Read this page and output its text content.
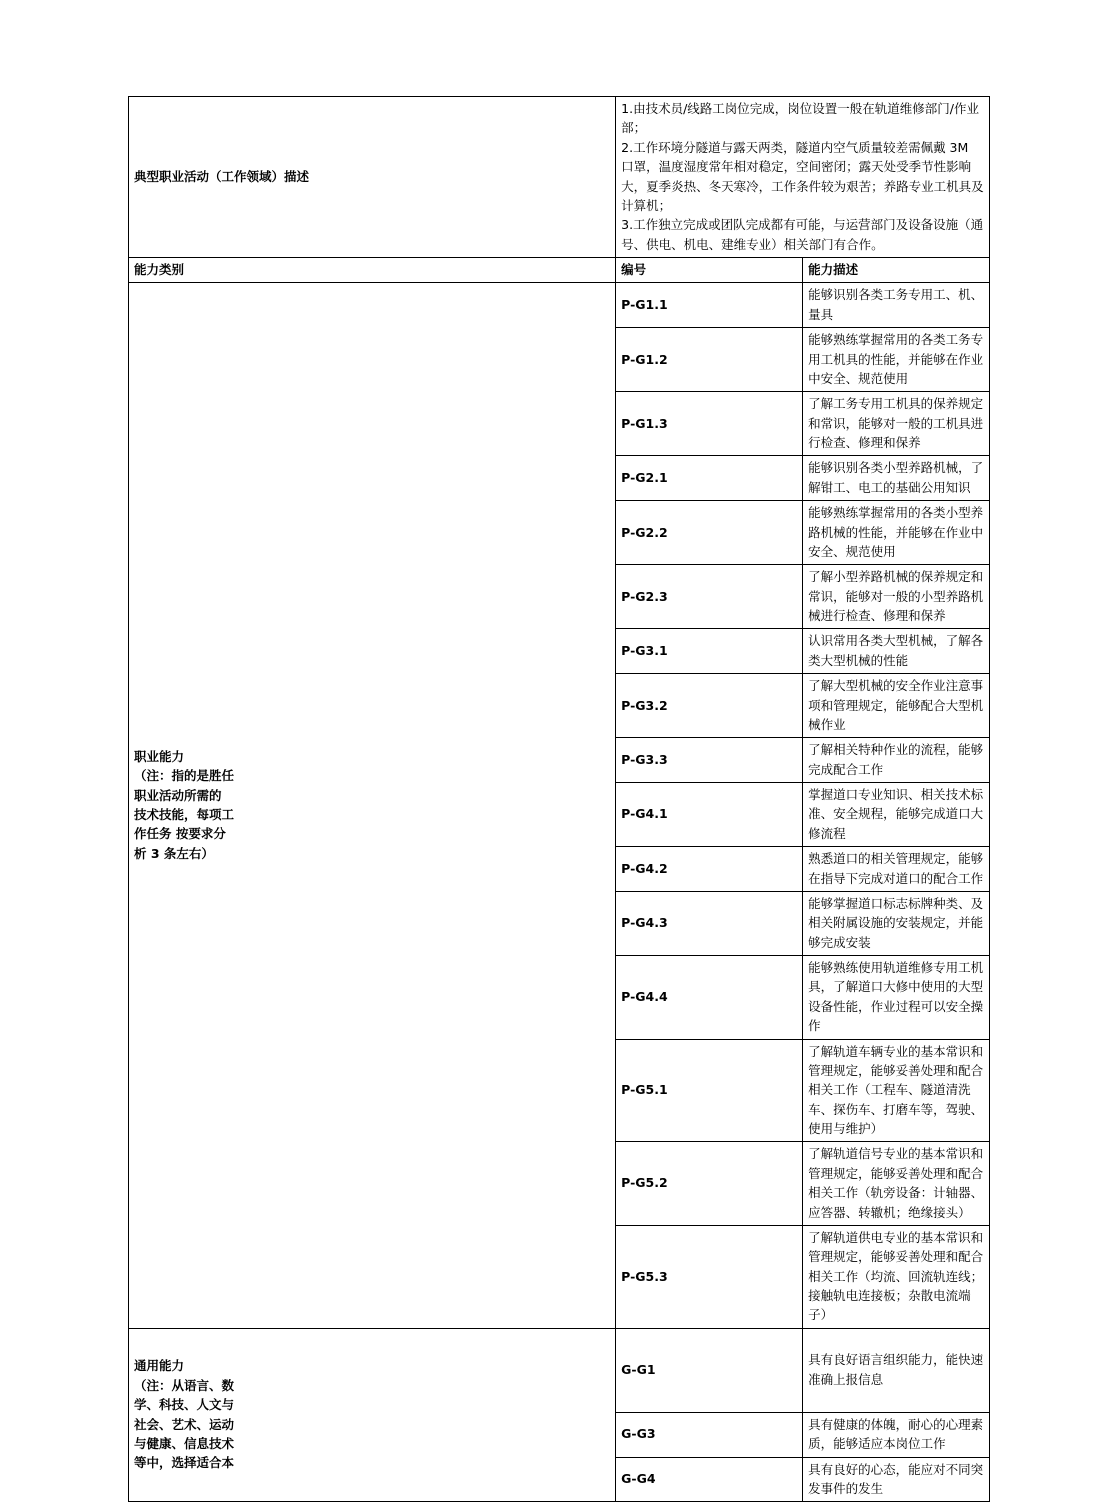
典型职业活动（工作领域）描述	1.由技术员/线路工岗位完成，岗位设置一般在轨道维修部门/作业部；

2.工作环境分隧道与露天两类，隧道内空气质量较差需佩戴 3M 口罩，温度湿度常年相对稳定，空间密闭；露天处受季节性影响大，夏季炎热、冬天寒冷，工作条件较为艰苦；养路专业工机具及计算机；

3.工作独立完成或团队完成都有可能，与运营部门及设备设施（通号、供电、机电、建维专业）相关部门有合作。	

能力类别	编号	能力描述

职业能力
（注：指的是胜任
职业活动所需的
技术技能，每项工
作任务 按要求分
析 3 条左右）
	P-G1.1	能够识别各类工务专用工、机、量具
	P-G1.2	能够熟练掌握常用的各类工务专用工机具的性能，并能够在作业中安全、规范使用
	P-G1.3	了解工务专用工机具的保养规定和常识，能够对一般的工机具进行检查、修理和保养
	P-G2.1	能够识别各类小型养路机械，了解钳工、电工的基础公用知识
	P-G2.2	能够熟练掌握常用的各类小型养路机械的性能，并能够在作业中安全、规范使用
	P-G2.3	了解小型养路机械的保养规定和常识，能够对一般的小型养路机械进行检查、修理和保养
	P-G3.1	认识常用各类大型机械，了解各类大型机械的性能
	P-G3.2	了解大型机械的安全作业注意事项和管理规定，能够配合大型机械作业
	P-G3.3	了解相关特种作业的流程，能够完成配合工作
	P-G4.1	掌握道口专业知识、相关技术标准、安全规程，能够完成道口大修流程
	P-G4.2	熟悉道口的相关管理规定，能够在指导下完成对道口的配合工作
	P-G4.3	能够掌握道口标志标牌种类、及相关附属设施的安装规定，并能够完成安装
	P-G4.4	能够熟练使用轨道维修专用工机具，了解道口大修中使用的大型设备性能，作业过程可以安全操作
	P-G5.1	了解轨道车辆专业的基本常识和管理规定，能够妥善处理和配合相关工作（工程车、隧道清洗车、探伤车、打磨车等，驾驶、使用与维护）
	P-G5.2	了解轨道信号专业的基本常识和管理规定，能够妥善处理和配合相关工作（轨旁设备：计轴器、应答器、转辙机；绝缘接头）
	P-G5.3	了解轨道供电专业的基本常识和管理规定，能够妥善处理和配合相关工作（均流、回流轨连线；接触轨电连接板；杂散电流端子）

通用能力
（注：从语言、数
学、科技、人文与
社会、艺术、运动
与健康、信息技术
等中，选择适合本
	G-G1	具有良好语言组织能力，能快速准确上报信息
	G-G3	具有健康的体魄，耐心的心理素质，能够适应本岗位工作
	G-G4	具有良好的心态，能应对不同突发事件的发生
